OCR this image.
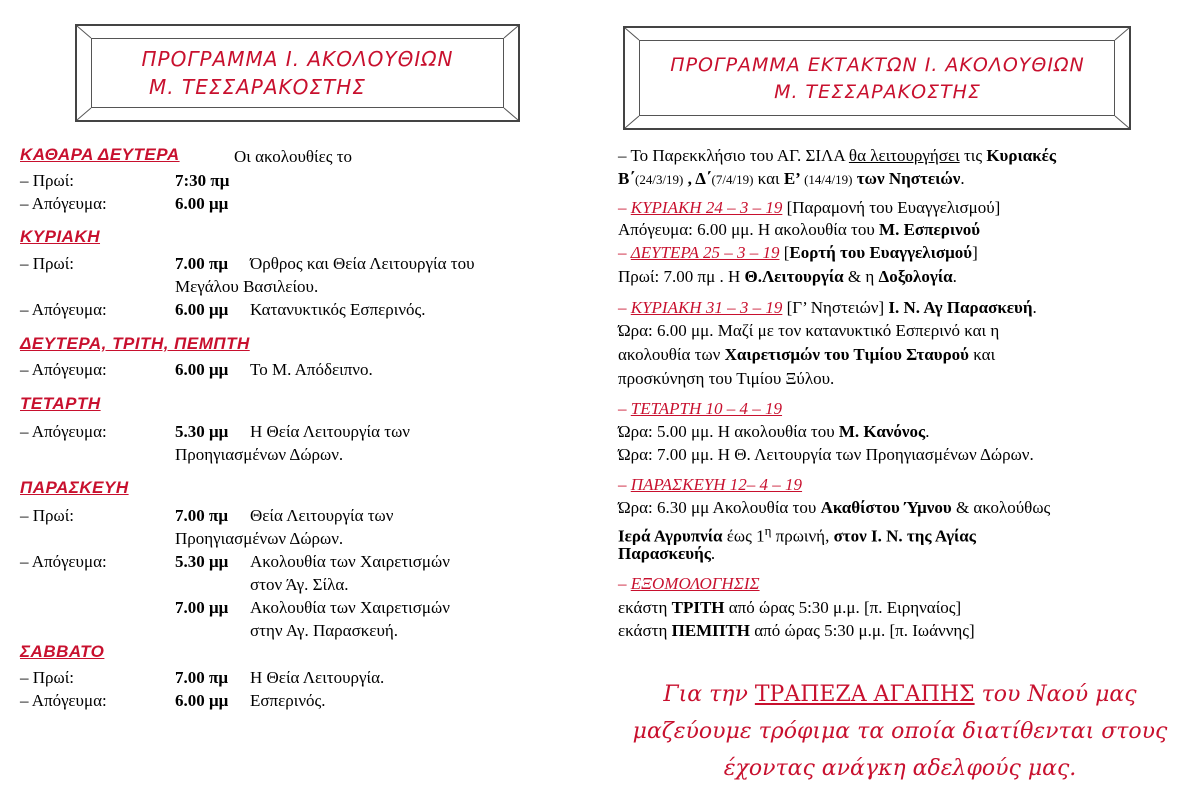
ΠΡΟΓΡΑΜΜΑ Ι. ΑΚΟΛΟΥΘΙΩΝ
Μ. ΤΕΣΣΑΡΑΚΟΣΤΗΣ
ΠΡΟΓΡΑΜΜΑ ΕΚΤΑΚΤΩΝ Ι. ΑΚΟΛΟΥΘΙΩΝ
Μ. ΤΕΣΣΑΡΑΚΟΣΤΗΣ
ΚΑΘΑΡΑ ΔΕΥΤΕΡΑ	Οι ακολουθίες το
– Πρωί:	7:30 πμ
– Απόγευμα:	6.00 μμ
ΚΥΡΙΑΚΗ
– Πρωί:	7.00 πμ Όρθρος και Θεία Λειτουργία του
Μεγάλου Βασιλείου.
– Απόγευμα:	6.00 μμ Κατανυκτικός Εσπερινός.
ΔΕΥΤΕΡΑ, ΤΡΙΤΗ, ΠΕΜΠΤΗ
– Απόγευμα:	6.00 μμ Το Μ. Απόδειπνο.
ΤΕΤΑΡΤΗ
– Απόγευμα:	5.30 μμ Η Θεία Λειτουργία των
Προηγιασμένων Δώρων.
ΠΑΡΑΣΚΕΥΗ
– Πρωί:	7.00 πμ Θεία Λειτουργία των
Προηγιασμένων Δώρων.
– Απόγευμα:	5.30 μμ Ακολουθία των Χαιρετισμών
στον Άγ. Σίλα.
7.00 μμ Ακολουθία των Χαιρετισμών
στην Αγ. Παρασκευή.
ΣΑΒΒΑΤΟ
– Πρωί:	7.00 πμ Η Θεία Λειτουργία.
– Απόγευμα:	6.00 μμ Εσπερινός.
– Το Παρεκκλήσιο του ΑΓ. ΣΙΛΑ θα λειτουργήσει τις Κυριακές
Β΄(24/3/19) , Δ΄(7/4/19) και Ε’ (14/4/19) των Νηστειών.
– ΚΥΡΙΑΚΗ 24 – 3 – 19 [Παραμονή του Ευαγγελισμού]
Απόγευμα: 6.00 μμ. Η ακολουθία του Μ. Εσπερινού
– ΔΕΥΤΕΡΑ 25 – 3 – 19 [Εορτή του Ευαγγελισμού]
Πρωί: 7.00 πμ . Η Θ.Λειτουργία & η Δοξολογία.
– ΚΥΡΙΑΚΗ 31 – 3 – 19 [Γ’ Νηστειών] Ι. Ν. Αγ Παρασκευή.
Ώρα: 6.00 μμ. Μαζί με τον κατανυκτικό Εσπερινό και η
ακολουθία των Χαιρετισμών του Τιμίου Σταυρού και
προσκύνηση του Τιμίου Ξύλου.
– ΤΕΤΑΡΤΗ 10 – 4 – 19
Ώρα: 5.00 μμ. Η ακολουθία του Μ. Κανόνος.
Ώρα: 7.00 μμ. Η Θ. Λειτουργία των Προηγιασμένων Δώρων.
– ΠΑΡΑΣΚΕΥΗ 12– 4 – 19
Ώρα: 6.30 μμ Ακολουθία του Ακαθίστου Ύμνου & ακολούθως
Ιερά Αγρυπνία έως $1^\eta$ πρωινή, στον Ι. Ν. της Αγίας
Παρασκευής.
– ΕΞΟΜΟΛΟΓΗΣΙΣ
εκάστη ΤΡΙΤΗ από ώρας 5:30 μ.μ. [π. Ειρηναίος]
εκάστη ΠΕΜΠΤΗ από ώρας 5:30 μ.μ. [π. Ιωάννης]
Για την ΤΡΑΠΕΖΑ ΑΓΑΠΗΣ του Ναού μας
μαζεύουμε τρόφιμα τα οποία διατίθενται στους
έχοντας ανάγκη αδελφούς μας.
